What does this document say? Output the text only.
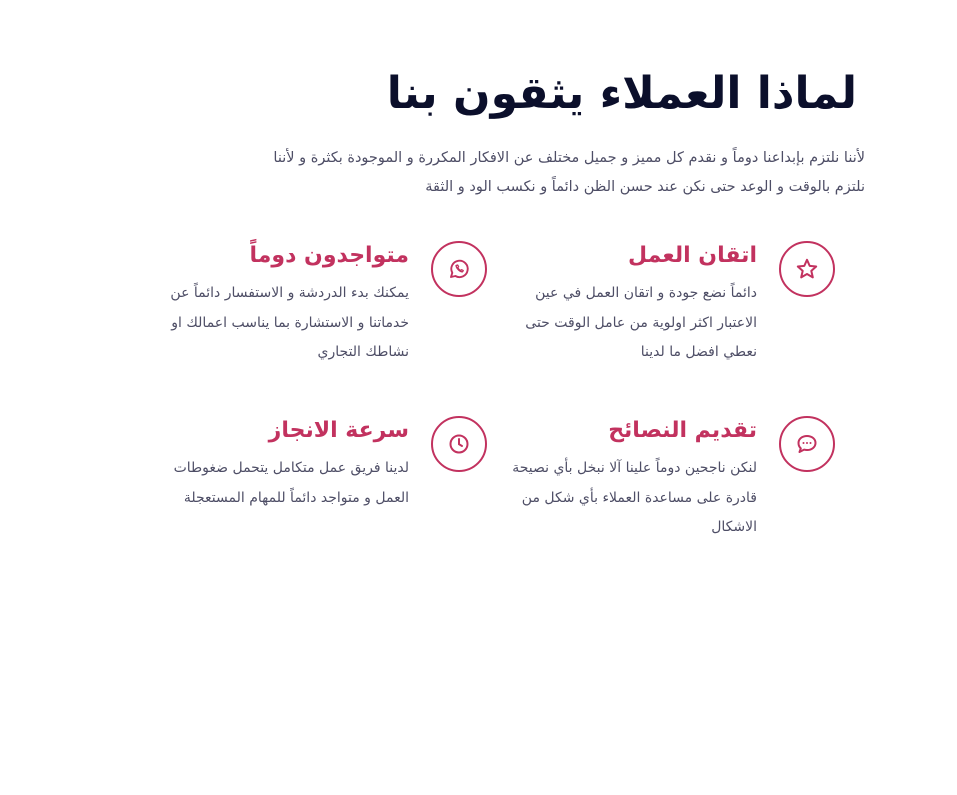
لماذا العملاء يثقون بنا

لأننا نلتزم بإبداعنا دوماً و نقدم كل مميز و جميل مختلف عن الافكار المكررة و الموجودة بكثرة و لأننا نلتزم بالوقت و الوعد حتى نكن عند حسن الظن دائماً و نكسب الود و الثقة

اتقان العمل

دائماً نضع جودة و اتقان العمل في عين الاعتبار اكثر اولوية من عامل الوقت حتى نعطي افضل ما لدينا

متواجدون دوماً

يمكنك بدء الدردشة و الاستفسار دائماً عن خدماتنا و الاستشارة بما يناسب اعمالك او نشاطك التجاري

تقديم النصائح

لنكن ناجحين دوماً علينا آلا نبخل بأي نصيحة قادرة على مساعدة العملاء بأي شكل من الاشكال

سرعة الانجاز

لدينا فريق عمل متكامل يتحمل ضغوطات العمل و متواجد دائماً للمهام المستعجلة
